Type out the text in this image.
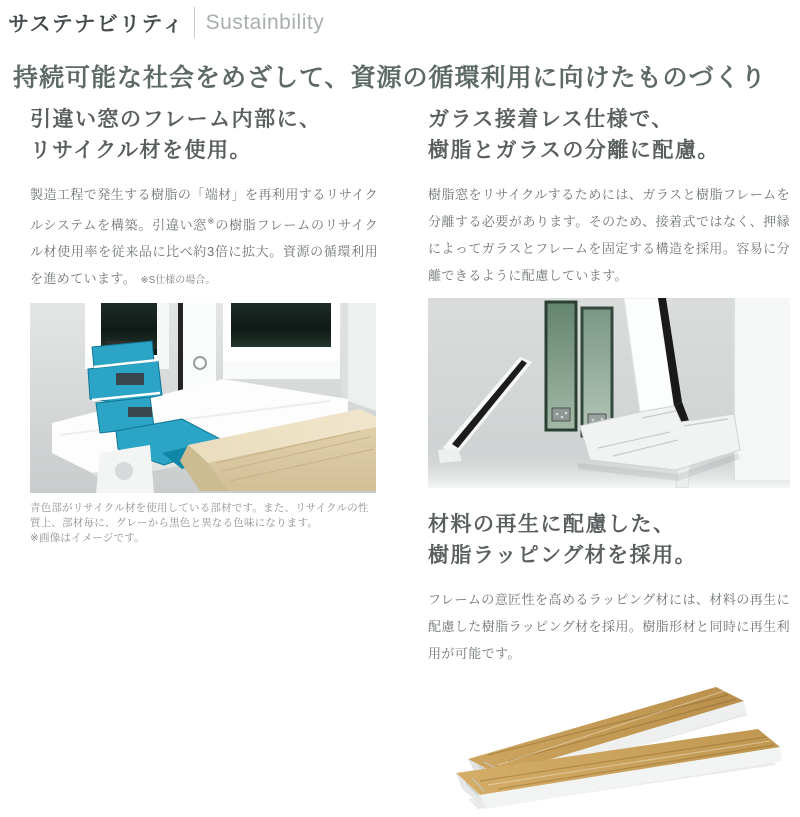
サステナビリティ Sustainbility
持続可能な社会をめざして、資源の循環利用に向けたものづくり
引違い窓のフレーム内部に、
リサイクル材を使用。

製造工程で発生する樹脂の「端材」を再利用するリサイクルシステムを構築。引違い窓※の樹脂フレームのリサイクル材使用率を従来品に比べ約3倍に拡大。資源の循環利用を進めています。 ※S仕様の場合。

青色部がリサイクル材を使用している部材です。また、リサイクルの性質上、部材毎に、グレーから黒色と異なる色味になります。
※画像はイメージです。

ガラス接着レス仕様で、
樹脂とガラスの分離に配慮。

樹脂窓をリサイクルするためには、ガラスと樹脂フレームを分離する必要があります。そのため、接着式ではなく、押縁によってガラスとフレームを固定する構造を採用。容易に分離できるように配慮しています。

材料の再生に配慮した、
樹脂ラッピング材を採用。

フレームの意匠性を高めるラッピング材には、材料の再生に配慮した樹脂ラッピング材を採用。樹脂形材と同時に再生利用が可能です。
